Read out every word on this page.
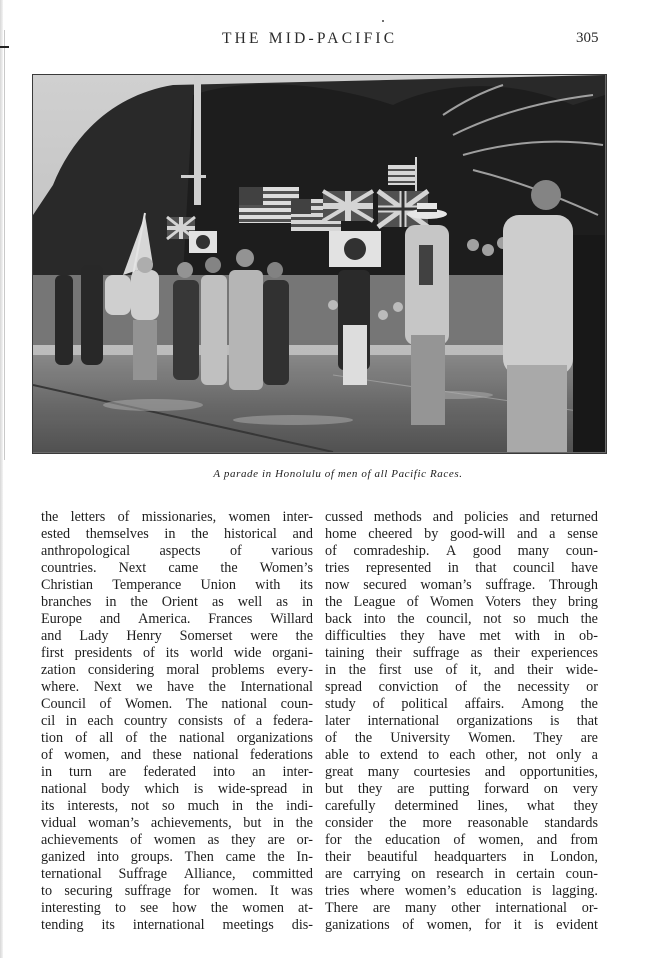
THE MID-PACIFIC	305
A parade in Honolulu of men of all Pacific Races.
the letters of missionaries, women inter-
ested themselves in the historical and
anthropological aspects of various
countries. Next came the Women’s
Christian Temperance Union with its
branches in the Orient as well as in
Europe and America. Frances Willard
and Lady Henry Somerset were the
first presidents of its world wide organi-
zation considering moral problems every-
where. Next we have the International
Council of Women. The national coun-
cil in each country consists of a federa-
tion of all of the national organizations
of women, and these national federations
in turn are federated into an inter-
national body which is wide-spread in
its interests, not so much in the indi-
vidual woman’s achievements, but in the
achievements of women as they are or-
ganized into groups. Then came the In-
ternational Suffrage Alliance, committed
to securing suffrage for women. It was
interesting to see how the women at-
tending its international meetings dis-
cussed methods and policies and returned
home cheered by good-will and a sense
of comradeship. A good many coun-
tries represented in that council have
now secured woman’s suffrage. Through
the League of Women Voters they bring
back into the council, not so much the
difficulties they have met with in ob-
taining their suffrage as their experiences
in the first use of it, and their wide-
spread conviction of the necessity or
study of political affairs. Among the
later international organizations is that
of the University Women. They are
able to extend to each other, not only a
great many courtesies and opportunities,
but they are putting forward on very
carefully determined lines, what they
consider the more reasonable standards
for the education of women, and from
their beautiful headquarters in London,
are carrying on research in certain coun-
tries where women’s education is lagging.
There are many other international or-
ganizations of women, for it is evident
